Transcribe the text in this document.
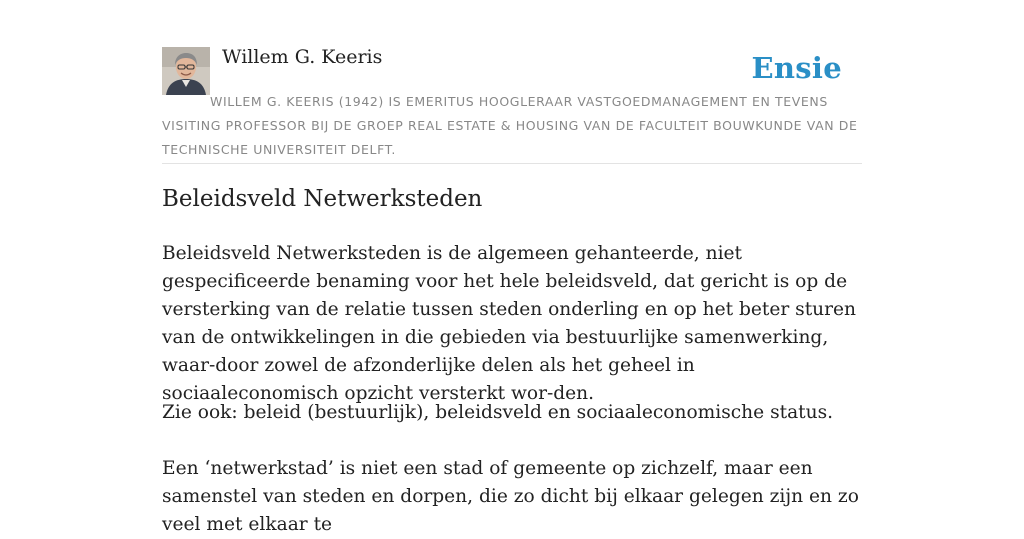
Willem G. Keeris	Ensie
WILLEM G. KEERIS (1942) IS EMERITUS HOOGLERAAR VASTGOEDMANAGEMENT EN TEVENS VISITING PROFESSOR BIJ DE GROEP REAL ESTATE & HOUSING VAN DE FACULTEIT BOUWKUNDE VAN DE TECHNISCHE UNIVERSITEIT DELFT.
Beleidsveld Netwerksteden

Beleidsveld Netwerksteden is de algemeen gehanteerde, niet gespecificeerde benaming voor het hele beleidsveld, dat gericht is op de versterking van de relatie tussen steden onderling en op het beter sturen van de ontwikkelingen in die gebieden via bestuurlijke samenwerking, waar-door zowel de afzonderlijke delen als het geheel in sociaaleconomisch opzicht versterkt wor-den.

Zie ook: beleid (bestuurlijk), beleidsveld en sociaaleconomische status.

Een ‘netwerkstad’ is niet een stad of gemeente op zichzelf, maar een samenstel van steden en dorpen, die zo dicht bij elkaar gelegen zijn en zo veel met elkaar te
